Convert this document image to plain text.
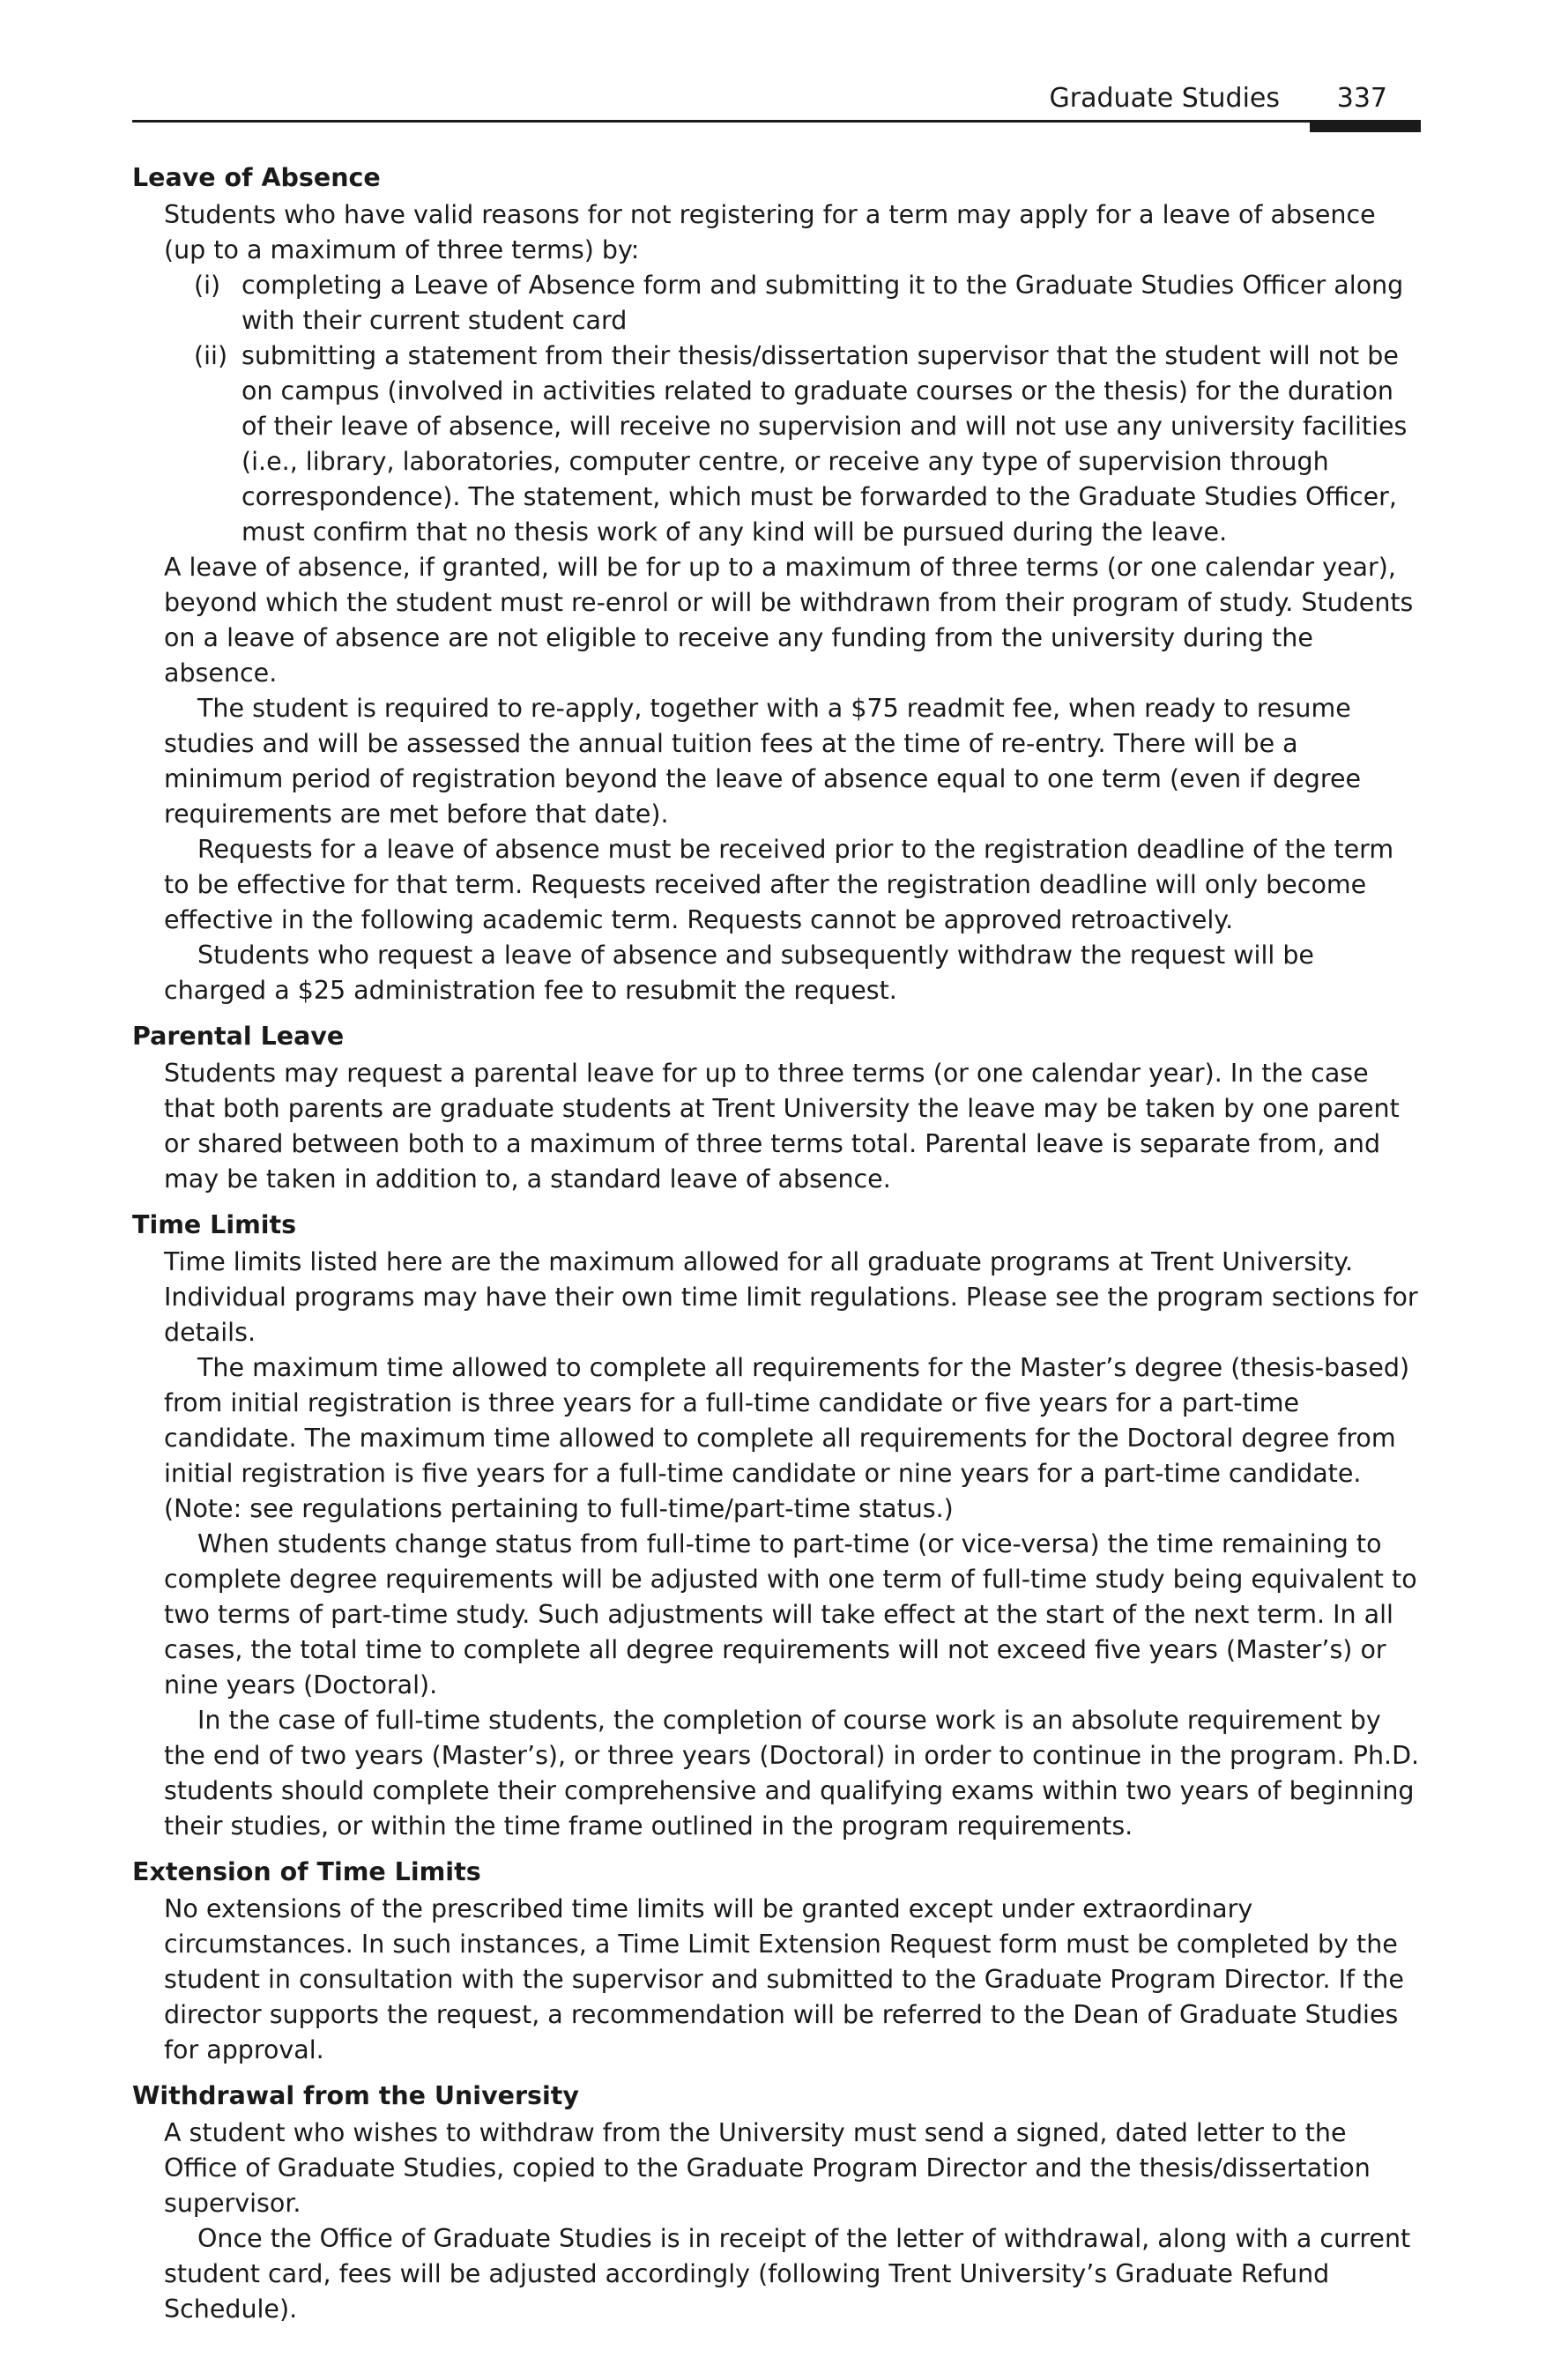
Graduate Studies 337
Leave of Absence
Students who have valid reasons for not registering for a term may apply for a leave of absence (up to a maximum of three terms) by:
(i) completing a Leave of Absence form and submitting it to the Graduate Studies Officer along with their current student card
(ii) submitting a statement from their thesis/dissertation supervisor that the student will not be on campus (involved in activities related to graduate courses or the thesis) for the duration of their leave of absence, will receive no supervision and will not use any university facilities (i.e., library, laboratories, computer centre, or receive any type of supervision through correspondence). The statement, which must be forwarded to the Graduate Studies Officer, must confirm that no thesis work of any kind will be pursued during the leave.
A leave of absence, if granted, will be for up to a maximum of three terms (or one calendar year), beyond which the student must re-enrol or will be withdrawn from their program of study. Students on a leave of absence are not eligible to receive any funding from the university during the absence.
The student is required to re-apply, together with a $75 readmit fee, when ready to resume studies and will be assessed the annual tuition fees at the time of re-entry. There will be a minimum period of registration beyond the leave of absence equal to one term (even if degree requirements are met before that date).
Requests for a leave of absence must be received prior to the registration deadline of the term to be effective for that term. Requests received after the registration deadline will only become effective in the following academic term. Requests cannot be approved retroactively.
Students who request a leave of absence and subsequently withdraw the request will be charged a $25 administration fee to resubmit the request.
Parental Leave
Students may request a parental leave for up to three terms (or one calendar year). In the case that both parents are graduate students at Trent University the leave may be taken by one parent or shared between both to a maximum of three terms total. Parental leave is separate from, and may be taken in addition to, a standard leave of absence.
Time Limits
Time limits listed here are the maximum allowed for all graduate programs at Trent University. Individual programs may have their own time limit regulations. Please see the program sections for details.
The maximum time allowed to complete all requirements for the Master’s degree (thesis-based) from initial registration is three years for a full-time candidate or five years for a part-time candidate. The maximum time allowed to complete all requirements for the Doctoral degree from initial registration is five years for a full-time candidate or nine years for a part-time candidate. (Note: see regulations pertaining to full-time/part-time status.)
When students change status from full-time to part-time (or vice-versa) the time remaining to complete degree requirements will be adjusted with one term of full-time study being equivalent to two terms of part-time study. Such adjustments will take effect at the start of the next term. In all cases, the total time to complete all degree requirements will not exceed five years (Master’s) or nine years (Doctoral).
In the case of full-time students, the completion of course work is an absolute requirement by the end of two years (Master’s), or three years (Doctoral) in order to continue in the program. Ph.D. students should complete their comprehensive and qualifying exams within two years of beginning their studies, or within the time frame outlined in the program requirements.
Extension of Time Limits
No extensions of the prescribed time limits will be granted except under extraordinary circumstances. In such instances, a Time Limit Extension Request form must be completed by the student in consultation with the supervisor and submitted to the Graduate Program Director. If the director supports the request, a recommendation will be referred to the Dean of Graduate Studies for approval.
Withdrawal from the University
A student who wishes to withdraw from the University must send a signed, dated letter to the Office of Graduate Studies, copied to the Graduate Program Director and the thesis/dissertation supervisor.
Once the Office of Graduate Studies is in receipt of the letter of withdrawal, along with a current student card, fees will be adjusted accordingly (following Trent University’s Graduate Refund Schedule).
